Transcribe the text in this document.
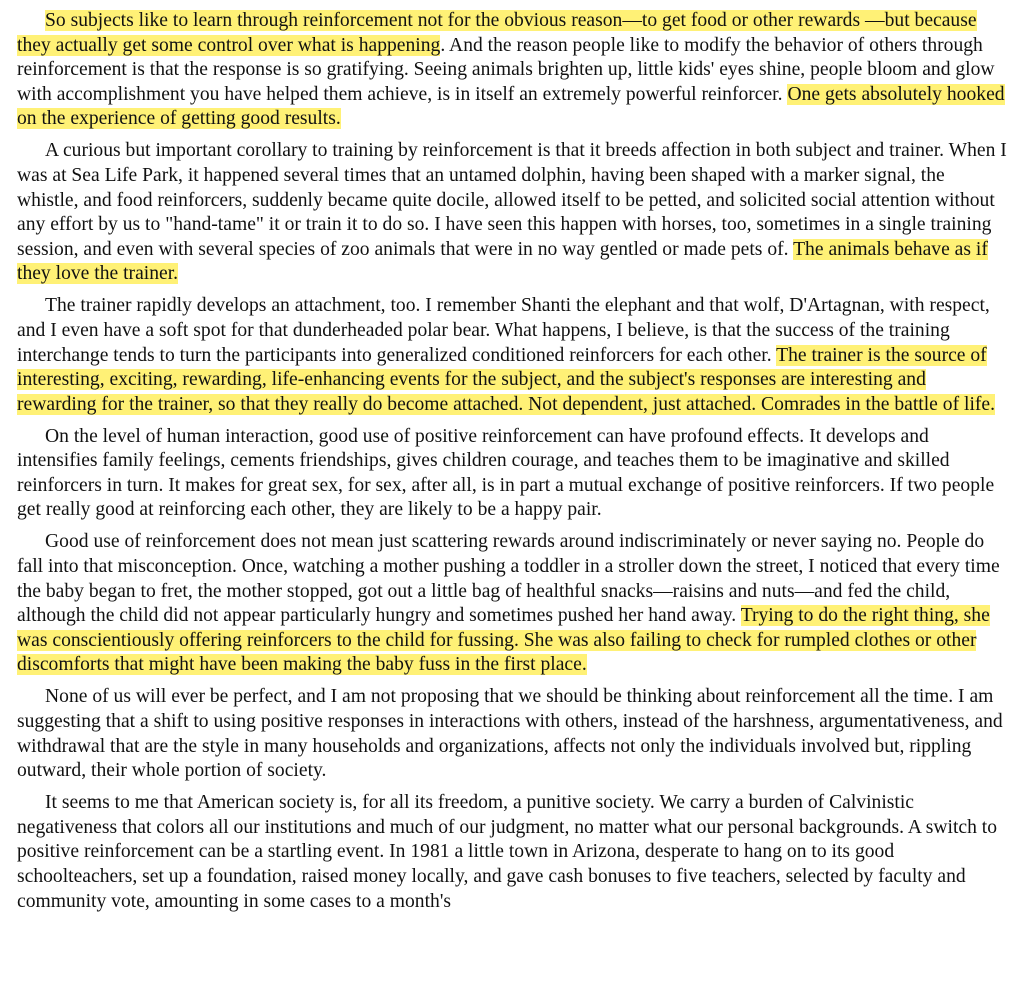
So subjects like to learn through reinforcement not for the obvious reason—to get food or other rewards —but because they actually get some control over what is happening. And the reason people like to modify the behavior of others through reinforcement is that the response is so gratifying. Seeing animals brighten up, little kids' eyes shine, people bloom and glow with accomplishment you have helped them achieve, is in itself an extremely powerful reinforcer. One gets absolutely hooked on the experience of getting good results.

A curious but important corollary to training by reinforcement is that it breeds affection in both subject and trainer. When I was at Sea Life Park, it happened several times that an untamed dolphin, having been shaped with a marker signal, the whistle, and food reinforcers, suddenly became quite docile, allowed itself to be petted, and solicited social attention without any effort by us to "hand-tame" it or train it to do so. I have seen this happen with horses, too, sometimes in a single training session, and even with several species of zoo animals that were in no way gentled or made pets of. The animals behave as if they love the trainer.

The trainer rapidly develops an attachment, too. I remember Shanti the elephant and that wolf, D'Artagnan, with respect, and I even have a soft spot for that dunderheaded polar bear. What happens, I believe, is that the success of the training interchange tends to turn the participants into generalized conditioned reinforcers for each other. The trainer is the source of interesting, exciting, rewarding, life-enhancing events for the subject, and the subject's responses are interesting and rewarding for the trainer, so that they really do become attached. Not dependent, just attached. Comrades in the battle of life.

On the level of human interaction, good use of positive reinforcement can have profound effects. It develops and intensifies family feelings, cements friendships, gives children courage, and teaches them to be imaginative and skilled reinforcers in turn. It makes for great sex, for sex, after all, is in part a mutual exchange of positive reinforcers. If two people get really good at reinforcing each other, they are likely to be a happy pair.

Good use of reinforcement does not mean just scattering rewards around indiscriminately or never saying no. People do fall into that misconception. Once, watching a mother pushing a toddler in a stroller down the street, I noticed that every time the baby began to fret, the mother stopped, got out a little bag of healthful snacks—raisins and nuts—and fed the child, although the child did not appear particularly hungry and sometimes pushed her hand away. Trying to do the right thing, she was conscientiously offering reinforcers to the child for fussing. She was also failing to check for rumpled clothes or other discomforts that might have been making the baby fuss in the first place.

None of us will ever be perfect, and I am not proposing that we should be thinking about reinforcement all the time. I am suggesting that a shift to using positive responses in interactions with others, instead of the harshness, argumentativeness, and withdrawal that are the style in many households and organizations, affects not only the individuals involved but, rippling outward, their whole portion of society.

It seems to me that American society is, for all its freedom, a punitive society. We carry a burden of Calvinistic negativeness that colors all our institutions and much of our judgment, no matter what our personal backgrounds. A switch to positive reinforcement can be a startling event. In 1981 a little town in Arizona, desperate to hang on to its good schoolteachers, set up a foundation, raised money locally, and gave cash bonuses to five teachers, selected by faculty and community vote, amounting in some cases to a month's
